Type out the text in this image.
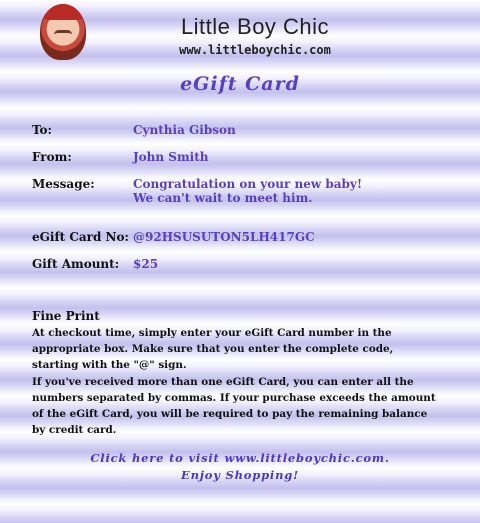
Little Boy Chic
www.littleboychic.com
eGift Card
To:	Cynthia Gibson
From:	John Smith
Message:	Congratulation on your new baby!
We can't wait to meet him.
eGift Card No: @92HSUSUTON5LH417GC
Gift Amount: $25
Fine Print
At checkout time, simply enter your eGift Card number in the appropriate box. Make sure that you enter the complete code, starting with the "@" sign.
If you've received more than one eGift Card, you can enter all the numbers separated by commas. If your purchase exceeds the amount of the eGift Card, you will be required to pay the remaining balance by credit card.
Click here to visit www.littleboychic.com.
Enjoy Shopping!
